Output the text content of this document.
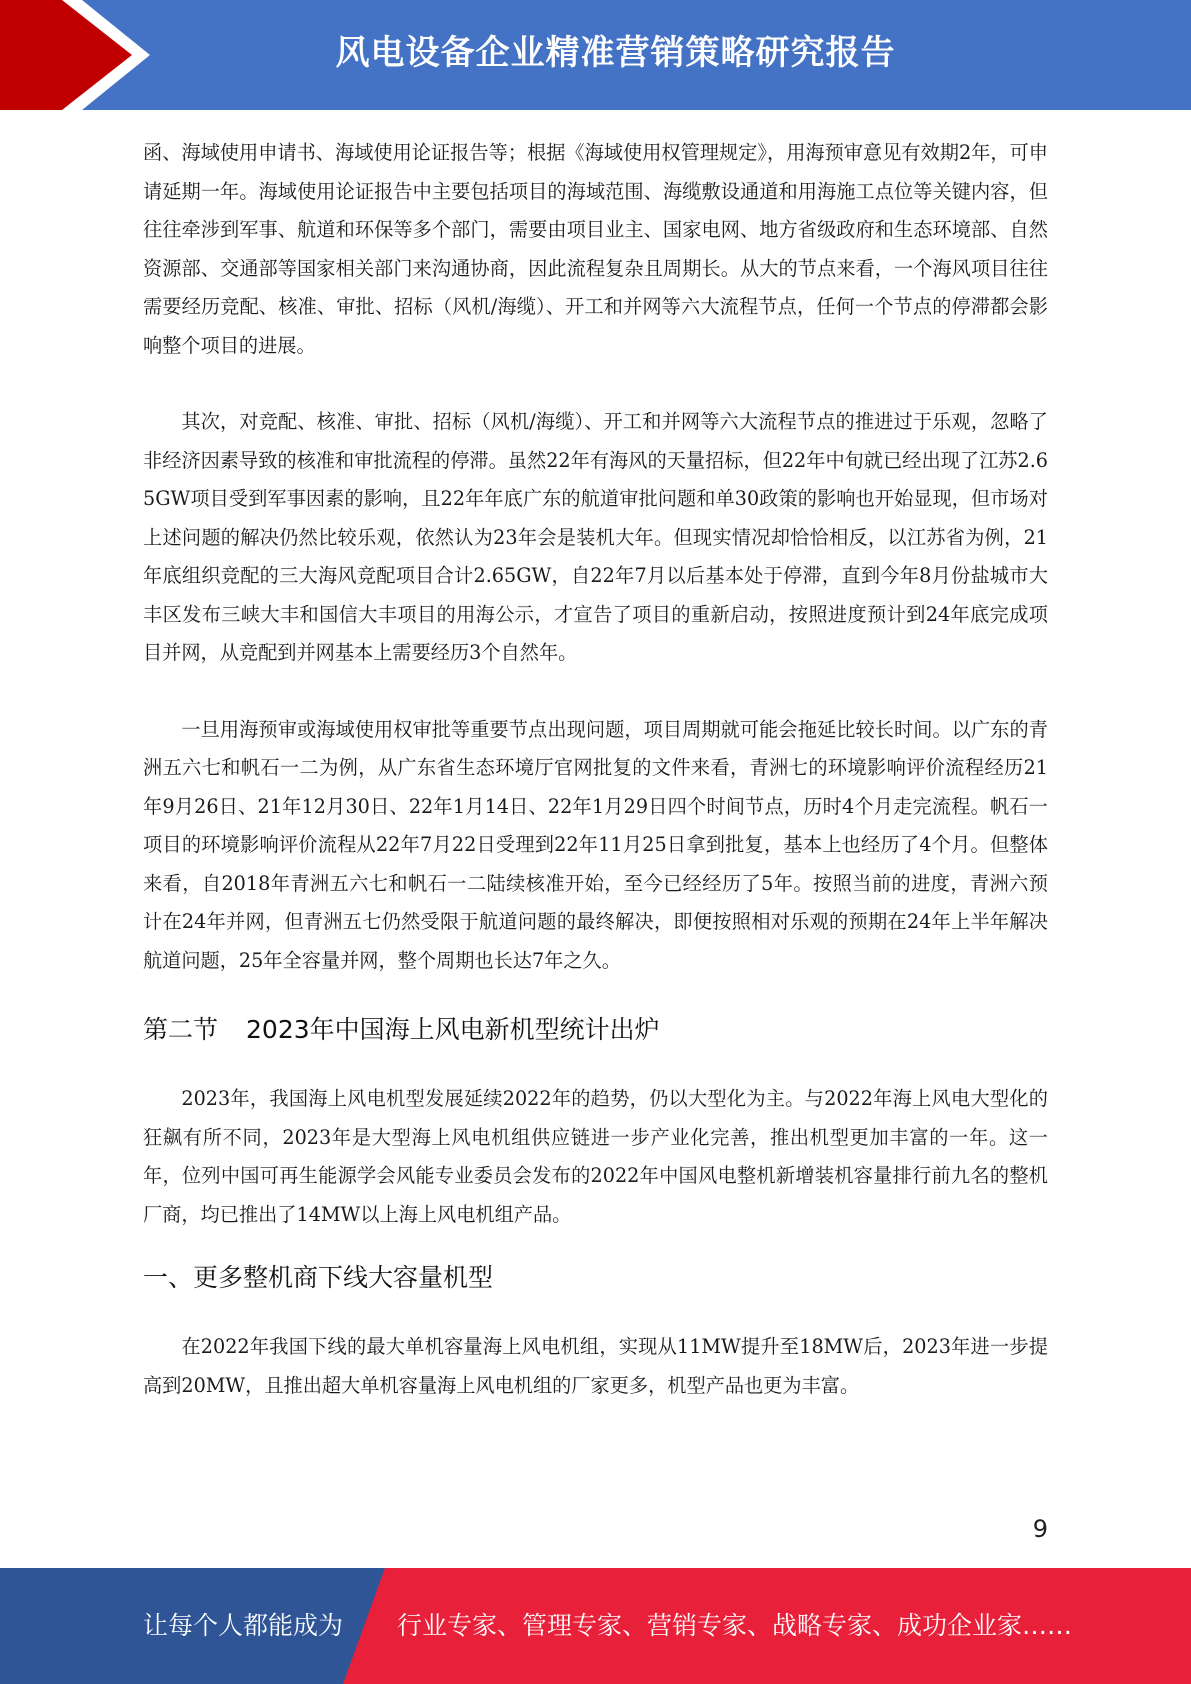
风电设备企业精准营销策略研究报告

函、海域使用申请书、海域使用论证报告等；根据《海域使用权管理规定》，用海预审意见有效期2年，可申请延期一年。海域使用论证报告中主要包括项目的海域范围、海缆敷设通道和用海施工点位等关键内容，但往往牵涉到军事、航道和环保等多个部门，需要由项目业主、国家电网、地方省级政府和生态环境部、自然资源部、交通部等国家相关部门来沟通协商，因此流程复杂且周期长。从大的节点来看，一个海风项目往往需要经历竞配、核准、审批、招标（风机/海缆）、开工和并网等六大流程节点，任何一个节点的停滞都会影响整个项目的进展。

其次，对竞配、核准、审批、招标（风机/海缆）、开工和并网等六大流程节点的推进过于乐观，忽略了非经济因素导致的核准和审批流程的停滞。虽然22年有海风的天量招标，但22年中旬就已经出现了江苏2.65GW项目受到军事因素的影响，且22年年底广东的航道审批问题和单30政策的影响也开始显现，但市场对上述问题的解决仍然比较乐观，依然认为23年会是装机大年。但现实情况却恰恰相反，以江苏省为例，21年底组织竞配的三大海风竞配项目合计2.65GW，自22年7月以后基本处于停滞，直到今年8月份盐城市大丰区发布三峡大丰和国信大丰项目的用海公示，才宣告了项目的重新启动，按照进度预计到24年底完成项目并网，从竞配到并网基本上需要经历3个自然年。

一旦用海预审或海域使用权审批等重要节点出现问题，项目周期就可能会拖延比较长时间。以广东的青洲五六七和帆石一二为例，从广东省生态环境厅官网批复的文件来看，青洲七的环境影响评价流程经历21年9月26日、21年12月30日、22年1月14日、22年1月29日四个时间节点，历时4个月走完流程。帆石一项目的环境影响评价流程从22年7月22日受理到22年11月25日拿到批复，基本上也经历了4个月。但整体来看，自2018年青洲五六七和帆石一二陆续核准开始，至今已经经历了5年。按照当前的进度，青洲六预计在24年并网，但青洲五七仍然受限于航道问题的最终解决，即便按照相对乐观的预期在24年上半年解决航道问题，25年全容量并网，整个周期也长达7年之久。

第二节 2023年中国海上风电新机型统计出炉

2023年，我国海上风电机型发展延续2022年的趋势，仍以大型化为主。与2022年海上风电大型化的狂飙有所不同，2023年是大型海上风电机组供应链进一步产业化完善，推出机型更加丰富的一年。这一年，位列中国可再生能源学会风能专业委员会发布的2022年中国风电整机新增装机容量排行前九名的整机厂商，均已推出了14MW以上海上风电机组产品。

一、更多整机商下线大容量机型

在2022年我国下线的最大单机容量海上风电机组，实现从11MW提升至18MW后，2023年进一步提高到20MW，且推出超大单机容量海上风电机组的厂家更多，机型产品也更为丰富。

9
让每个人都能成为 行业专家、管理专家、营销专家、战略专家、成功企业家……
